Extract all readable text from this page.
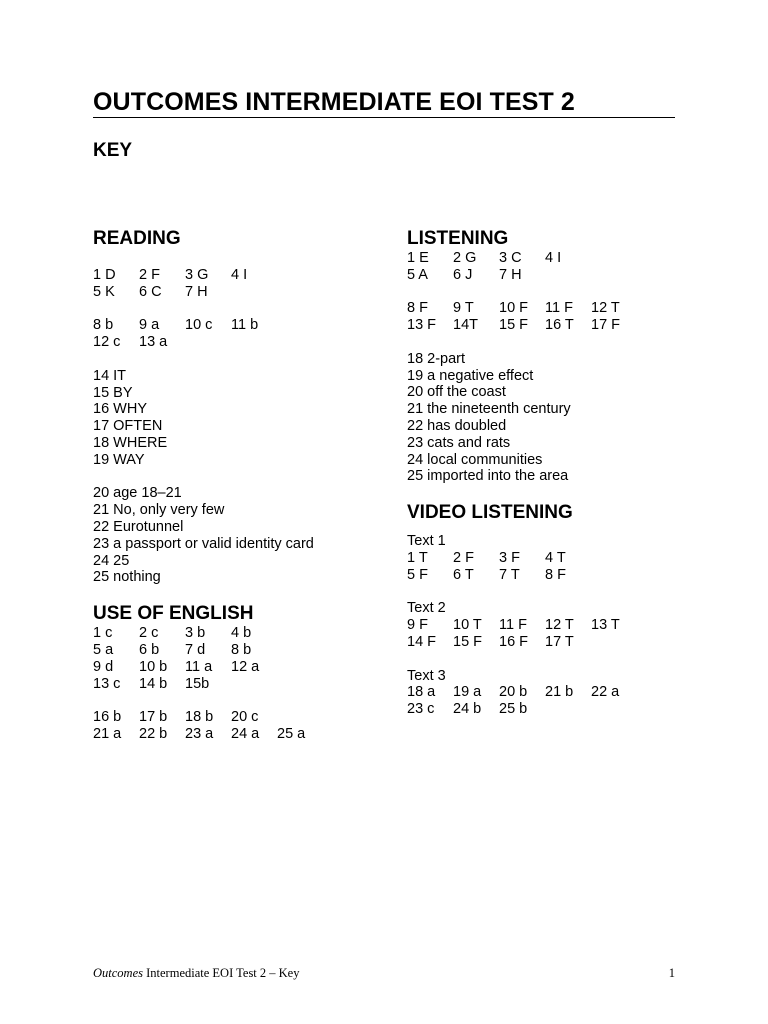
OUTCOMES INTERMEDIATE EOI TEST 2
KEY
READING
1 D 2 F 3 G 4 I
5 K 6 C 7 H
8 b 9 a 10 c 11 b
12 c 13 a
14 IT
15 BY
16 WHY
17 OFTEN
18 WHERE
19 WAY
20 age 18–21
21 No, only very few
22 Eurotunnel
23 a passport or valid identity card
24 25
25 nothing
USE OF ENGLISH
1 c 2 c 3 b 4 b
5 a 6 b 7 d 8 b
9 d 10 b 11 a 12 a
13 c 14 b 15b
16 b 17 b 18 b 20 c
21 a 22 b 23 a 24 a 25 a
LISTENING
1 E 2 G 3 C 4 I
5 A 6 J 7 H
8 F 9 T 10 F 11 F 12 T
13 F 14T 15 F 16 T 17 F
18 2-part
19 a negative effect
20 off the coast
21 the nineteenth century
22 has doubled
23 cats and rats
24 local communities
25 imported into the area
VIDEO LISTENING
Text 1
1 T 2 F 3 F 4 T
5 F 6 T 7 T 8 F
Text 2
9 F 10 T 11 F 12 T 13 T
14 F 15 F 16 F 17 T
Text 3
18 a 19 a 20 b 21 b 22 a
23 c 24 b 25 b
Outcomes Intermediate EOI Test 2 – Key	1
